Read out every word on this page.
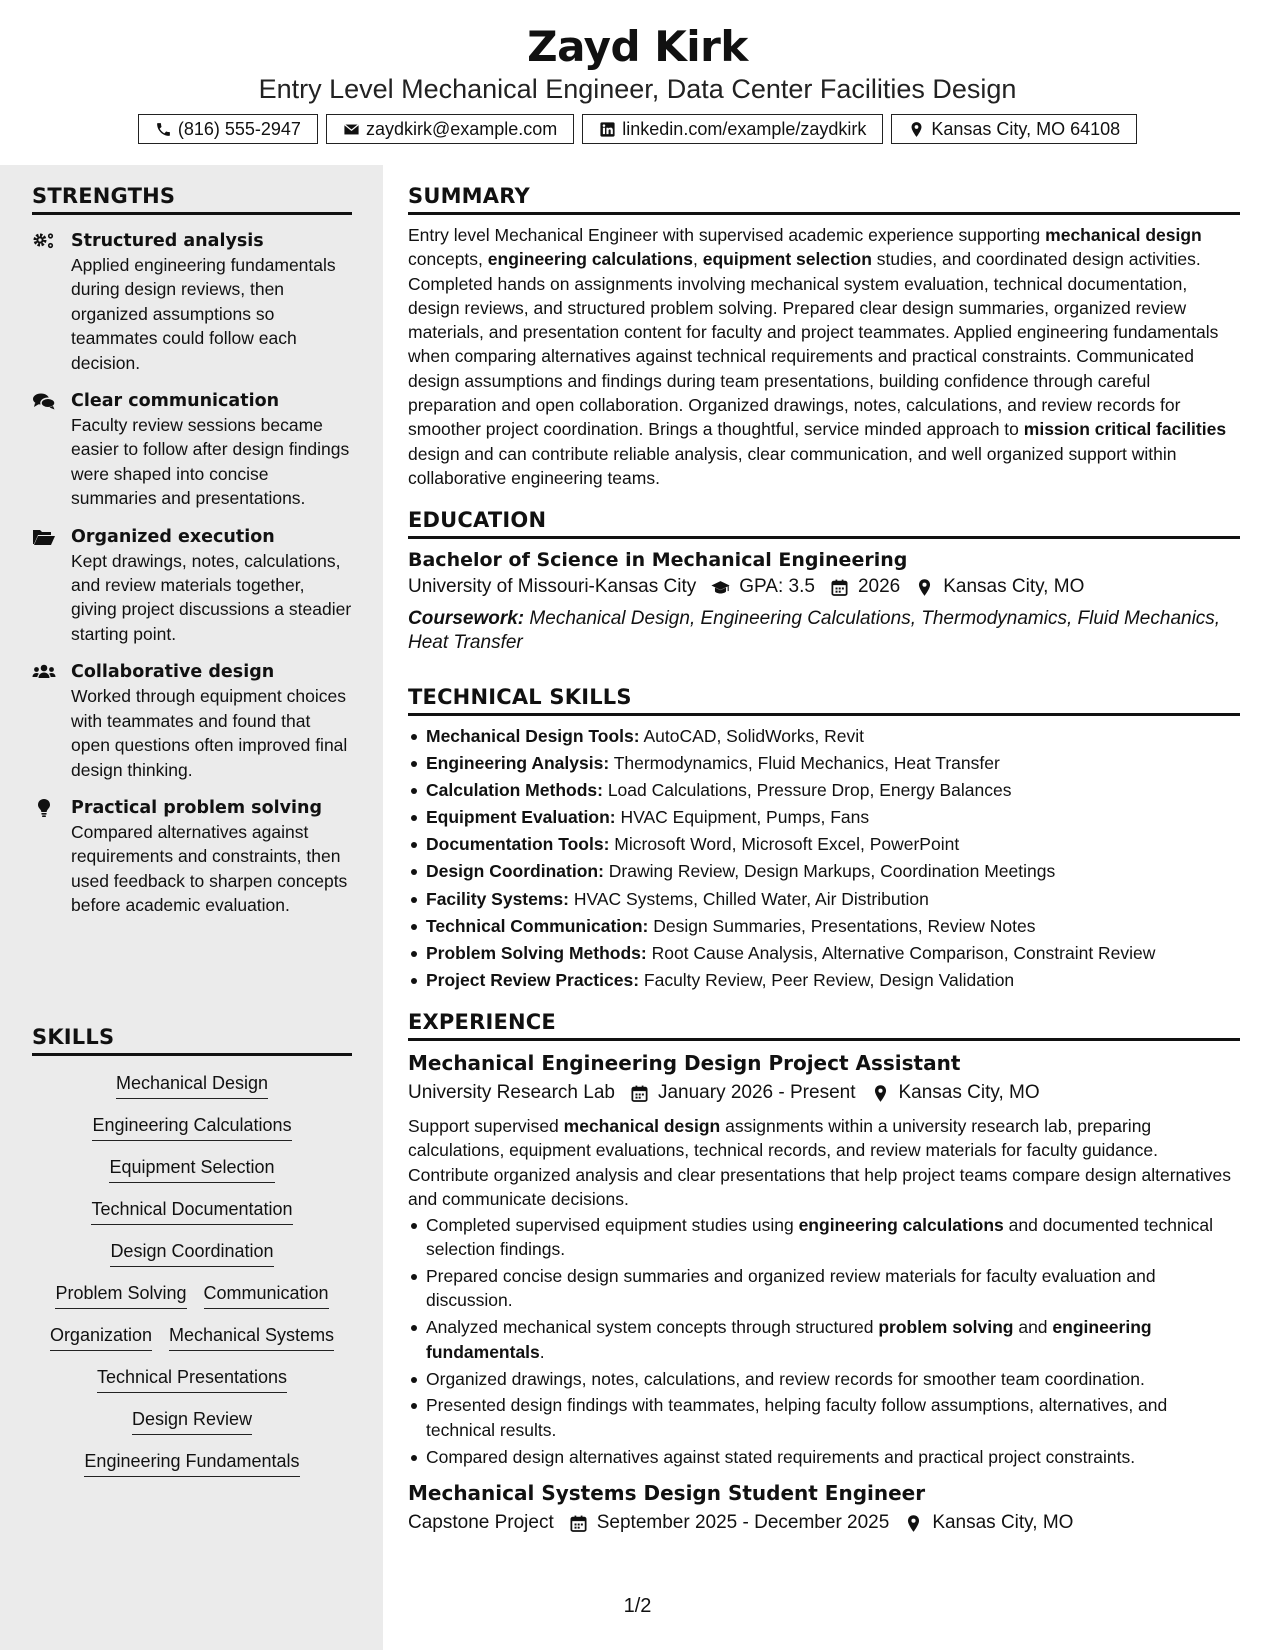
Zayd Kirk
Entry Level Mechanical Engineer, Data Center Facilities Design
(816) 555-2947	zaydkirk@example.com	linkedin.com/example/zaydkirk	Kansas City, MO 64108
STRENGTHS
Structured analysis
Applied engineering fundamentals during design reviews, then organized assumptions so teammates could follow each decision.
Clear communication
Faculty review sessions became easier to follow after design findings were shaped into concise summaries and presentations.
Organized execution
Kept drawings, notes, calculations, and review materials together, giving project discussions a steadier starting point.
Collaborative design
Worked through equipment choices with teammates and found that open questions often improved final design thinking.
Practical problem solving
Compared alternatives against requirements and constraints, then used feedback to sharpen concepts before academic evaluation.
SKILLS
Mechanical Design
Engineering Calculations
Equipment Selection
Technical Documentation
Design Coordination
Problem Solving Communication
Organization Mechanical Systems
Technical Presentations
Design Review
Engineering Fundamentals
SUMMARY

Entry level Mechanical Engineer with supervised academic experience supporting mechanical design concepts, engineering calculations, equipment selection studies, and coordinated design activities. Completed hands on assignments involving mechanical system evaluation, technical documentation, design reviews, and structured problem solving. Prepared clear design summaries, organized review materials, and presentation content for faculty and project teammates. Applied engineering fundamentals when comparing alternatives against technical requirements and practical constraints. Communicated design assumptions and findings during team presentations, building confidence through careful preparation and open collaboration. Organized drawings, notes, calculations, and review records for smoother project coordination. Brings a thoughtful, service minded approach to mission critical facilities design and can contribute reliable analysis, clear communication, and well organized support within collaborative engineering teams.

EDUCATION
Bachelor of Science in Mechanical Engineering
University of Missouri-Kansas City GPA: 3.5 2026 Kansas City, MO
Coursework: Mechanical Design, Engineering Calculations, Thermodynamics, Fluid Mechanics, Heat Transfer
TECHNICAL SKILLS
Mechanical Design Tools: AutoCAD, SolidWorks, Revit
Engineering Analysis: Thermodynamics, Fluid Mechanics, Heat Transfer
Calculation Methods: Load Calculations, Pressure Drop, Energy Balances
Equipment Evaluation: HVAC Equipment, Pumps, Fans
Documentation Tools: Microsoft Word, Microsoft Excel, PowerPoint
Design Coordination: Drawing Review, Design Markups, Coordination Meetings
Facility Systems: HVAC Systems, Chilled Water, Air Distribution
Technical Communication: Design Summaries, Presentations, Review Notes
Problem Solving Methods: Root Cause Analysis, Alternative Comparison, Constraint Review
Project Review Practices: Faculty Review, Peer Review, Design Validation
EXPERIENCE
Mechanical Engineering Design Project Assistant
University Research Lab January 2026 - Present Kansas City, MO
Support supervised mechanical design assignments within a university research lab, preparing calculations, equipment evaluations, technical records, and review materials for faculty guidance. Contribute organized analysis and clear presentations that help project teams compare design alternatives and communicate decisions.
Completed supervised equipment studies using engineering calculations and documented technical selection findings.
Prepared concise design summaries and organized review materials for faculty evaluation and discussion.
Analyzed mechanical system concepts through structured problem solving and engineering fundamentals.
Organized drawings, notes, calculations, and review records for smoother team coordination.
Presented design findings with teammates, helping faculty follow assumptions, alternatives, and technical results.
Compared design alternatives against stated requirements and practical project constraints.
Mechanical Systems Design Student Engineer
Capstone Project September 2025 - December 2025 Kansas City, MO
1/2
